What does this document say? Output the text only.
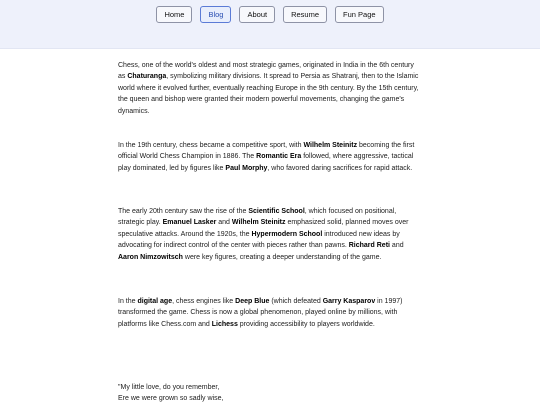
Home	Blog	About	Resume	Fun Page

Chess, one of the world's oldest and most strategic games, originated in India in the 6th century as Chaturanga, symbolizing military divisions. It spread to Persia as Shatranj, then to the Islamic world where it evolved further, eventually reaching Europe in the 9th century. By the 15th century, the queen and bishop were granted their modern powerful movements, changing the game's dynamics.

In the 19th century, chess became a competitive sport, with Wilhelm Steinitz becoming the first official World Chess Champion in 1886. The Romantic Era followed, where aggressive, tactical play dominated, led by figures like Paul Morphy, who favored daring sacrifices for rapid attack.

The early 20th century saw the rise of the Scientific School, which focused on positional, strategic play. Emanuel Lasker and Wilhelm Steinitz emphasized solid, planned moves over speculative attacks. Around the 1920s, the Hypermodern School introduced new ideas by advocating for indirect control of the center with pieces rather than pawns. Richard Reti and Aaron Nimzowitsch were key figures, creating a deeper understanding of the game.

In the digital age, chess engines like Deep Blue (which defeated Garry Kasparov in 1997) transformed the game. Chess is now a global phenomenon, played online by millions, with platforms like Chess.com and Lichess providing accessibility to players worldwide.

"My little love, do you remember,
Ere we were grown so sadly wise,
